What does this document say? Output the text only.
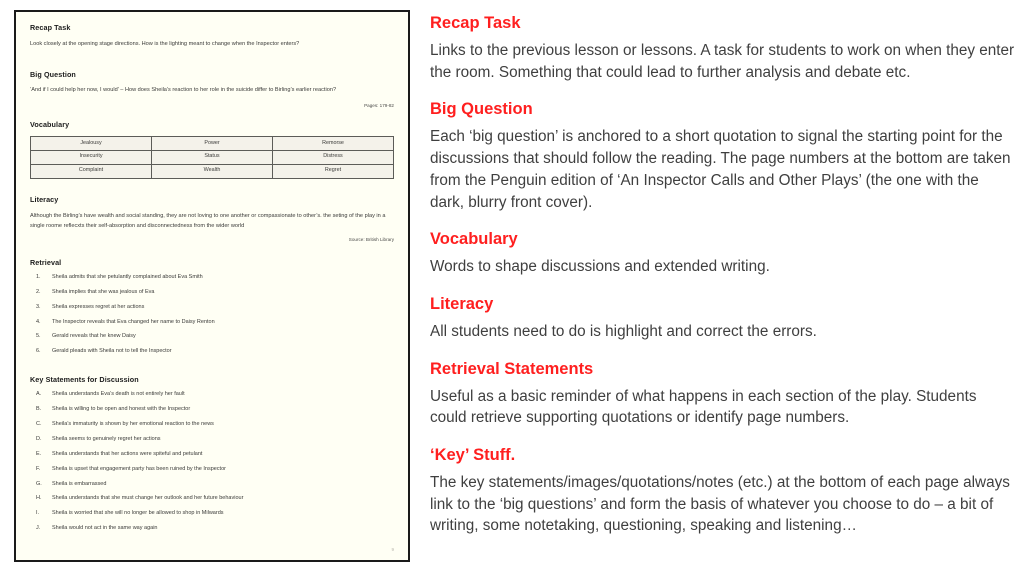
Recap Task

Look closely at the opening stage directions. How is the lighting meant to change when the Inspector enters?

Big Question

‘And if I could help her now, I would’ – How does Sheila’s reaction to her role in the suicide differ to Birling’s earlier reaction?

Pages: 179-82
Vocabulary
Jealousy	Power	Remorse
Insecurity	Status	Distress
Complaint	Wealth	Regret
Literacy

Although the Birling’s have wealth and social standing, they are not loving to one another or compassionate to other’s. the seting of the play in a single roome reflecxts their self-absorption and disconnectedness from the wider world

Source: British Library
Retrieval
1. Sheila admits that she petulantly complained about Eva Smith
2. Sheila implies that she was jealous of Eva
3. Sheila expresses regret at her actions
4. The Inspector reveals that Eva changed her name to Daisy Renton
5. Gerald reveals that he knew Daisy
6. Gerald pleads with Sheila not to tell the Inspector
Key Statements for Discussion
A. Sheila understands Eva’s death is not entirely her fault
B. Sheila is willing to be open and honest with the Inspector
C. Sheila’s immaturity is shown by her emotional reaction to the news
D. Sheila seems to genuinely regret her actions
E. Sheila understands that her actions were spiteful and petulant
F. Sheila is upset that engagement party has been ruined by the Inspector
G. Sheila is embarrassed
H. Sheila understands that she must change her outlook and her future behaviour
I. Sheila is worried that she will no longer be allowed to shop in Milwards
J. Sheila would not act in the same way again
9
Recap Task

Links to the previous lesson or lessons. A task for students to work on when they enter the room. Something that could lead to further analysis and debate etc.

Big Question

Each ‘big question’ is anchored to a short quotation to signal the starting point for the discussions that should follow the reading. The page numbers at the bottom are taken from the Penguin edition of ‘An Inspector Calls and Other Plays’ (the one with the dark, blurry front cover).

Vocabulary

Words to shape discussions and extended writing.

Literacy

All students need to do is highlight and correct the errors.

Retrieval Statements

Useful as a basic reminder of what happens in each section of the play. Students could retrieve supporting quotations or identify page numbers.

‘Key’ Stuff.

The key statements/images/quotations/notes (etc.) at the bottom of each page always link to the ‘big questions’ and form the basis of whatever you choose to do – a bit of writing, some notetaking, questioning, speaking and listening…
